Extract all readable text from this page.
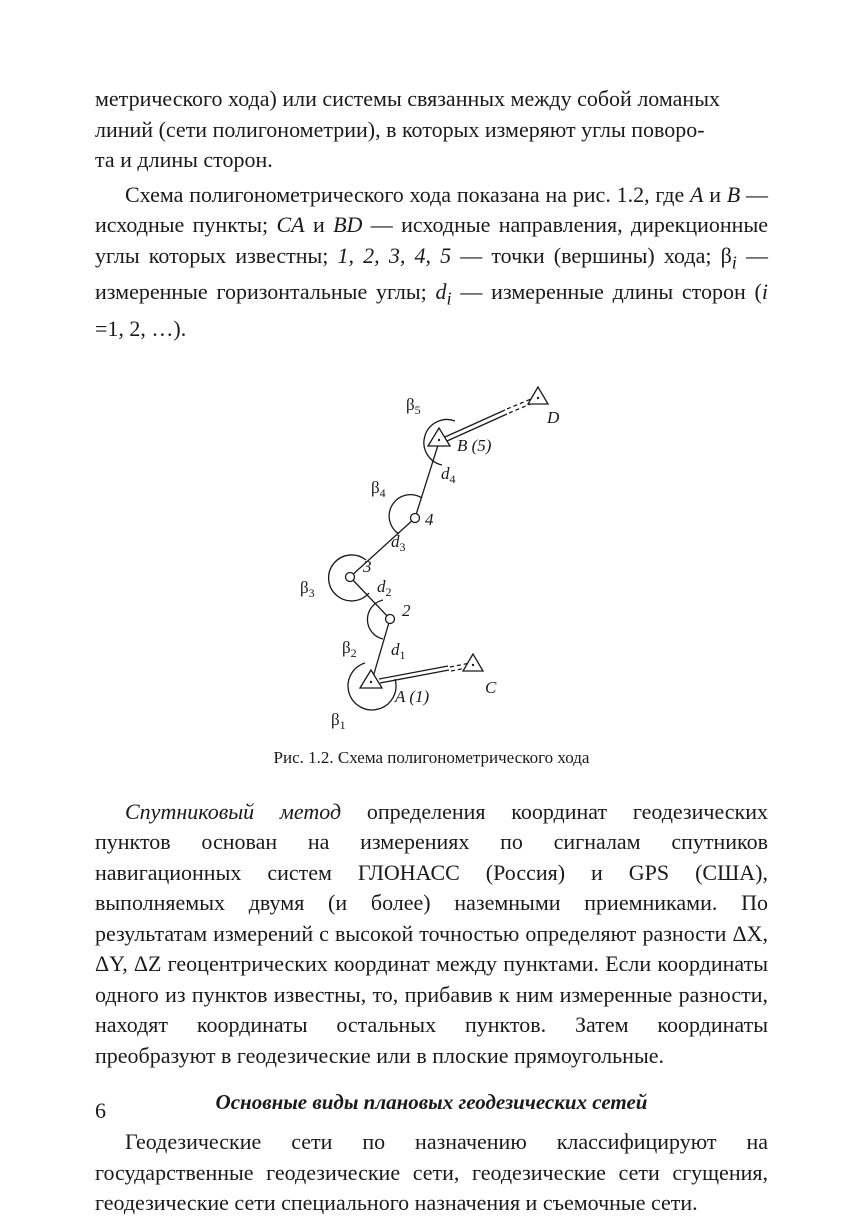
метрического хода) или системы связанных между собой ломаных
линий (сети полигонометрии), в которых измеряют углы поворо-
та и длины сторон.

Схема полигонометрического хода показана на рис. 1.2, где A и B — исходные пункты; CA и BD — исходные направления, дирекционные углы которых известны; 1, 2, 3, 4, 5 — точки (вершины) хода; $\beta_i$ — измеренные горизонтальные углы; $d_i$ — измеренные длины сторон (i =1, 2, …).

$\beta_1$
$\beta_2$
$\beta_3$
$\beta_4$
$\beta_5$
$d_1$
$d_2$
$d_3$
$d_4$
2
3
4
A (1)
B (5)
C
D
Рис. 1.2. Схема полигонометрического хода

Спутниковый метод определения координат геодезических пунктов основан на измерениях по сигналам спутников навигационных систем ГЛОНАСС (Россия) и GPS (США), выполняемых двумя (и более) наземными приемниками. По результатам измерений с высокой точностью определяют разности ΔX, ΔY, ΔZ геоцентрических координат между пунктами. Если координаты одного из пунктов известны, то, прибавив к ним измеренные разности, находят координаты остальных пунктов. Затем координаты преобразуют в геодезические или в плоские прямоугольные.

Основные виды плановых геодезических сетей

Геодезические сети по назначению классифицируют на государственные геодезические сети, геодезические сети сгущения, геодезические сети специального назначения и съемочные сети.

6
